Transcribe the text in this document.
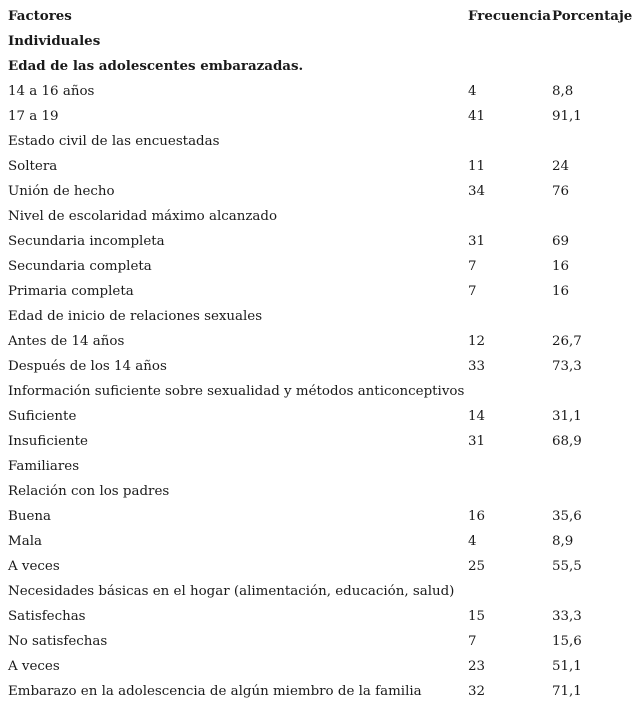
Factores	Frecuencia Porcentaje
Individuales
Edad de las adolescentes embarazadas.
14 a 16 años	4	8,8
17 a 19	41	91,1
Estado civil de las encuestadas
Soltera	11	24
Unión de hecho	34	76
Nivel de escolaridad máximo alcanzado
Secundaria incompleta	31	69
Secundaria completa	7	16
Primaria completa	7	16
Edad de inicio de relaciones sexuales
Antes de 14 años	12	26,7
Después de los 14 años	33	73,3
Información suficiente sobre sexualidad y métodos anticonceptivos
Suficiente	14	31,1
Insuficiente	31	68,9
Familiares
Relación con los padres
Buena	16	35,6
Mala	4	8,9
A veces	25	55,5
Necesidades básicas en el hogar (alimentación, educación, salud)
Satisfechas	15	33,3
No satisfechas	7	15,6
A veces	23	51,1
Embarazo en la adolescencia de algún miembro de la familia	32	71,1
